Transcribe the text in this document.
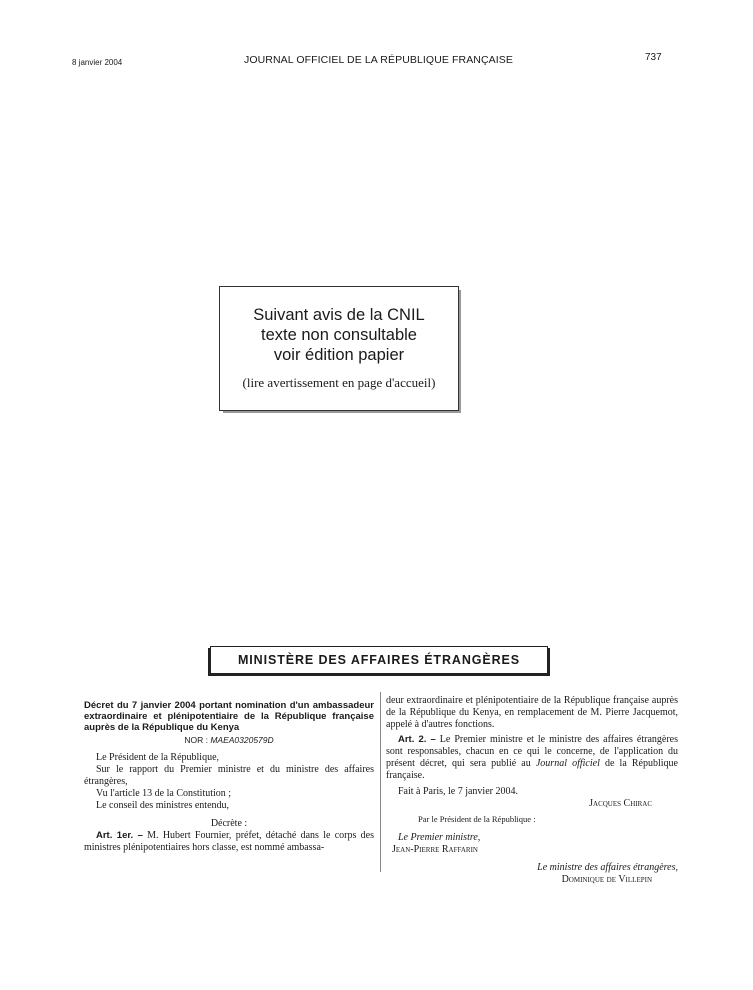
8 janvier 2004	JOURNAL OFFICIEL DE LA RÉPUBLIQUE FRANÇAISE	737
Suivant avis de la CNIL
texte non consultable
voir édition papier
(lire avertissement en page d'accueil)
MINISTÈRE DES AFFAIRES ÉTRANGÈRES
Décret du 7 janvier 2004 portant nomination d'un ambassadeur extraordinaire et plénipotentiaire de la République française auprès de la République du Kenya
NOR : MAEA0320579D
Le Président de la République,
Sur le rapport du Premier ministre et du ministre des affaires étrangères,
Vu l'article 13 de la Constitution ;
Le conseil des ministres entendu,
Décrète :
Art. 1er. – M. Hubert Fournier, préfet, détaché dans le corps des ministres plénipotentiaires hors classe, est nommé ambassa-
deur extraordinaire et plénipotentiaire de la République française auprès de la République du Kenya, en remplacement de M. Pierre Jacquemot, appelé à d'autres fonctions.
Art. 2. – Le Premier ministre et le ministre des affaires étrangères sont responsables, chacun en ce qui le concerne, de l'application du présent décret, qui sera publié au Journal officiel de la République française.
Fait à Paris, le 7 janvier 2004.
Jacques Chirac
Par le Président de la République :
Le Premier ministre,
Jean-Pierre Raffarin
Le ministre des affaires étrangères,
Dominique de Villepin
